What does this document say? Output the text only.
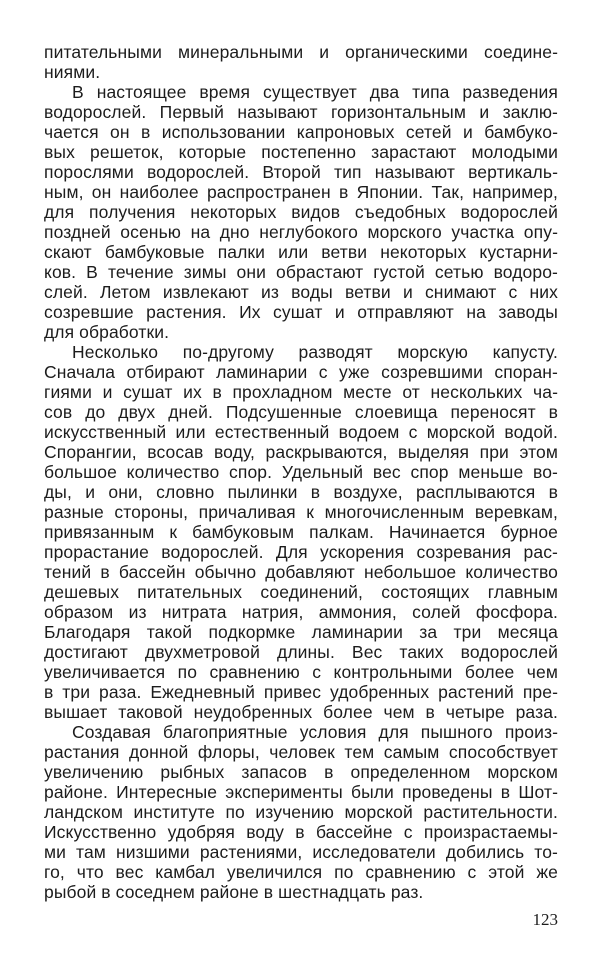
питательными минеральными и органическими соедине-
ниями.
В настоящее время существует два типа разведения
водорослей. Первый называют горизонтальным и заклю-
чается он в использовании капроновых сетей и бамбуко-
вых решеток, которые постепенно зарастают молодыми
порослями водорослей. Второй тип называют вертикаль-
ным, он наиболее распространен в Японии. Так, например,
для получения некоторых видов съедобных водорослей
поздней осенью на дно неглубокого морского участка опу-
скают бамбуковые палки или ветви некоторых кустарни-
ков. В течение зимы они обрастают густой сетью водоро-
слей. Летом извлекают из воды ветви и снимают с них
созревшие растения. Их сушат и отправляют на заводы
для обработки.
Несколько по-другому разводят морскую капусту.
Сначала отбирают ламинарии с уже созревшими споран-
гиями и сушат их в прохладном месте от нескольких ча-
сов до двух дней. Подсушенные слоевища переносят в
искусственный или естественный водоем с морской водой.
Спорангии, всосав воду, раскрываются, выделяя при этом
большое количество спор. Удельный вес спор меньше во-
ды, и они, словно пылинки в воздухе, расплываются в
разные стороны, причаливая к многочисленным веревкам,
привязанным к бамбуковым палкам. Начинается бурное
прорастание водорослей. Для ускорения созревания рас-
тений в бассейн обычно добавляют небольшое количество
дешевых питательных соединений, состоящих главным
образом из нитрата натрия, аммония, солей фосфора.
Благодаря такой подкормке ламинарии за три месяца
достигают двухметровой длины. Вес таких водорослей
увеличивается по сравнению с контрольными более чем
в три раза. Ежедневный привес удобренных растений пре-
вышает таковой неудобренных более чем в четыре раза.
Создавая благоприятные условия для пышного произ-
растания донной флоры, человек тем самым способствует
увеличению рыбных запасов в определенном морском
районе. Интересные эксперименты были проведены в Шот-
ландском институте по изучению морской растительности.
Искусственно удобряя воду в бассейне с произрастаемы-
ми там низшими растениями, исследователи добились то-
го, что вес камбал увеличился по сравнению с этой же
рыбой в соседнем районе в шестнадцать раз.
123
